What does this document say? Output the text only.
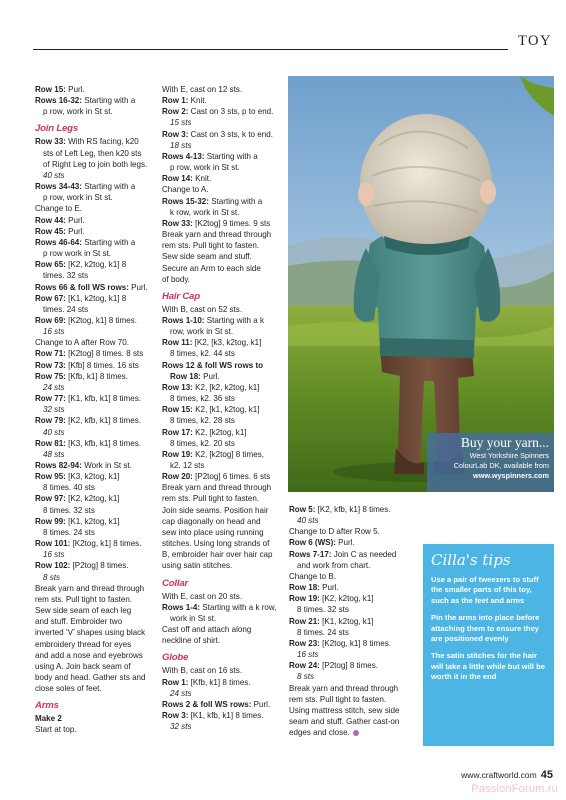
TOY
Row 15: Purl.
Rows 16-32: Starting with a
p row, work in St st.
Join Legs
Row 33: With RS facing, k20
sts of Left Leg, then k20 sts
of Right Leg to join both legs.
40 sts
Rows 34-43: Starting with a
p row, work in St st.
Change to E.
Row 44: Purl.
Row 45: Purl.
Rows 46-64: Starting with a
p row work in St st.
Row 65: [K2, k2tog, k1] 8
times. 32 sts
Rows 66 & foll WS rows: Purl.
Row 67: [K1, k2tog, k1] 8
times. 24 sts
Row 69: [K2tog, k1] 8 times.
16 sts
Change to A after Row 70.
Row 71: [K2tog] 8 times. 8 sts
Row 73: [Kfb] 8 times. 16 sts
Row 75: [Kfb, k1] 8 times.
24 sts
Row 77: [K1, kfb, k1] 8 times.
32 sts
Row 79: [K2, kfb, k1] 8 times.
40 sts
Row 81: [K3, kfb, k1] 8 times.
48 sts
Rows 82-94: Work in St st.
Row 95: [K3, k2tog, k1]
8 times. 40 sts
Row 97: [K2, k2tog, k1]
8 times. 32 sts
Row 99: [K1, k2tog, k1]
8 times. 24 sts
Row 101: [K2tog, k1] 8 times.
16 sts
Row 102: [P2tog] 8 times.
8 sts
Break yarn and thread through
rem sts. Pull tight to fasten.
Sew side seam of each leg
and stuff. Embroider two
inverted ‘V’ shapes using black
embroidery thread for eyes
and add a nose and eyebrows
using A. Join back seam of
body and head. Gather sts and
close soles of feet.
Arms
Make 2
Start at top.
With E, cast on 12 sts.
Row 1: Knit.
Row 2: Cast on 3 sts, p to end.
15 sts
Row 3: Cast on 3 sts, k to end.
18 sts
Rows 4-13: Starting with a
p row, work in St st.
Row 14: Knit.
Change to A.
Rows 15-32: Starting with a
k row, work in St st.
Row 33: [K2tog] 9 times. 9 sts
Break yarn and thread through
rem sts. Pull tight to fasten.
Sew side seam and stuff.
Secure an Arm to each side
of body.
Hair Cap
With B, cast on 52 sts.
Rows 1-10: Starting with a k
row, work in St st.
Row 11: [K2, [k3, k2tog, k1]
8 times, k2. 44 sts
Rows 12 & foll WS rows to
Row 18: Purl.
Row 13: K2, [k2, k2tog, k1]
8 times, k2. 36 sts
Row 15: K2, [k1, k2tog, k1]
8 times, k2. 28 sts
Row 17: K2, [k2tog, k1]
8 times, k2. 20 sts
Row 19: K2, [k2tog] 8 times,
k2. 12 sts
Row 20: [P2tog] 6 times. 6 sts
Break yarn and thread through
rem sts. Pull tight to fasten.
Join side seams. Position hair
cap diagonally on head and
sew into place using running
stitches. Using long strands of
B, embroider hair over hair cap
using satin stitches.
Collar
With E, cast on 20 sts.
Rows 1-4: Starting with a k row,
work in St st.
Cast off and attach along
neckline of shirt.
Globe
With B, cast on 16 sts.
Row 1: [Kfb, k1] 8 times.
24 sts
Rows 2 & foll WS rows: Purl.
Row 3: [K1, kfb, k1] 8 times.
32 sts
Buy your yarn...
West Yorkshire Spinners
ColourLab DK, available from
www.wyspinners.com
Row 5: [K2, kfb, k1] 8 times.
40 sts
Change to D after Row 5.
Row 6 (WS): Purl.
Rows 7-17: Join C as needed
and work from chart.
Change to B.
Row 18: Purl.
Row 19: [K2, k2tog, k1]
8 times. 32 sts
Row 21: [K1, k2tog, k1]
8 times. 24 sts
Row 23: [K2tog, k1] 8 times.
16 sts
Row 24: [P2tog] 8 times.
8 sts
Break yarn and thread through
rem sts. Pull tight to fasten.
Using mattress stitch, sew side
seam and stuff. Gather cast-on
edges and close.
Cilla's tips
Use a pair of tweezers to stuff the smaller parts of this toy, such as the feet and arms
Pin the arms into place before attaching them to ensure they are positioned evenly
The satin stitches for the hair will take a little while but will be worth it in the end
www.craftworld.com 45
PassionForum.ru
